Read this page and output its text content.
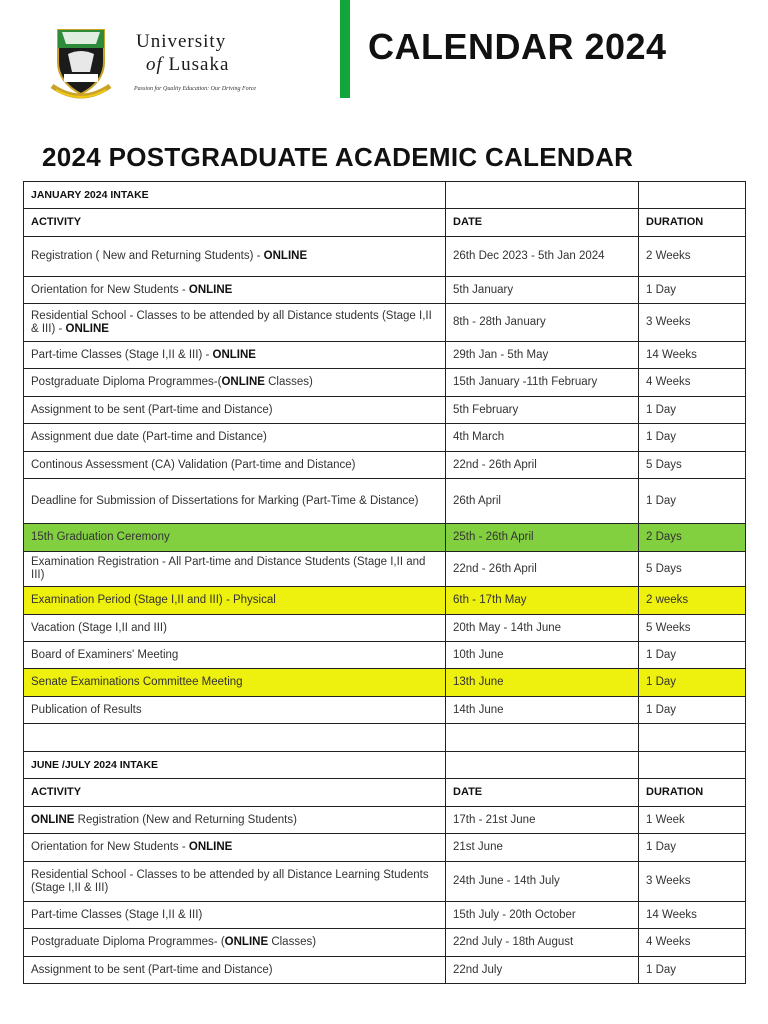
University
of Lusaka
Passion for Quality Education: Our Driving Force
CALENDAR 2024
2024 POSTGRADUATE ACADEMIC CALENDAR
JANUARY 2024 INTAKE		
ACTIVITY	DATE	DURATION
Registration ( New and Returning Students) - ONLINE	26th Dec 2023 - 5th Jan 2024	2 Weeks
Orientation for New Students - ONLINE	5th January	1 Day
Residential School - Classes to be attended by all Distance students (Stage I,II & III) - ONLINE	8th - 28th January	3 Weeks
Part-time Classes (Stage I,II & III) - ONLINE	29th Jan - 5th May	14 Weeks
Postgraduate Diploma Programmes-(ONLINE Classes)	15th January -11th February	4 Weeks
Assignment to be sent (Part-time and Distance)	5th February	1 Day
Assignment due date (Part-time and Distance)	4th March	1 Day
Continous Assessment (CA) Validation (Part-time and Distance)	22nd - 26th April	5 Days
Deadline for Submission of Dissertations for Marking (Part-Time & Distance)	26th April	1 Day
15th Graduation Ceremony	25th - 26th April	2 Days
Examination Registration - All Part-time and Distance Students (Stage I,II and III)	22nd - 26th April	5 Days
Examination Period (Stage I,II and III) - Physical	6th - 17th May	2 weeks
Vacation (Stage I,II and III)	20th May - 14th June	5 Weeks
Board of Examiners' Meeting	10th June	1 Day
Senate Examinations Committee Meeting	13th June	1 Day
Publication of Results	14th June	1 Day

JUNE /JULY 2024 INTAKE		
ACTIVITY	DATE	DURATION
ONLINE Registration (New and Returning Students)	17th - 21st June	1 Week
Orientation for New Students - ONLINE	21st June	1 Day
Residential School - Classes to be attended by all Distance Learning Students (Stage I,II & III)	24th June - 14th July	3 Weeks
Part-time Classes (Stage I,II & III)	15th July - 20th October	14 Weeks
Postgraduate Diploma Programmes- (ONLINE Classes)	22nd July - 18th August	4 Weeks
Assignment to be sent (Part-time and Distance)	22nd July	1 Day
